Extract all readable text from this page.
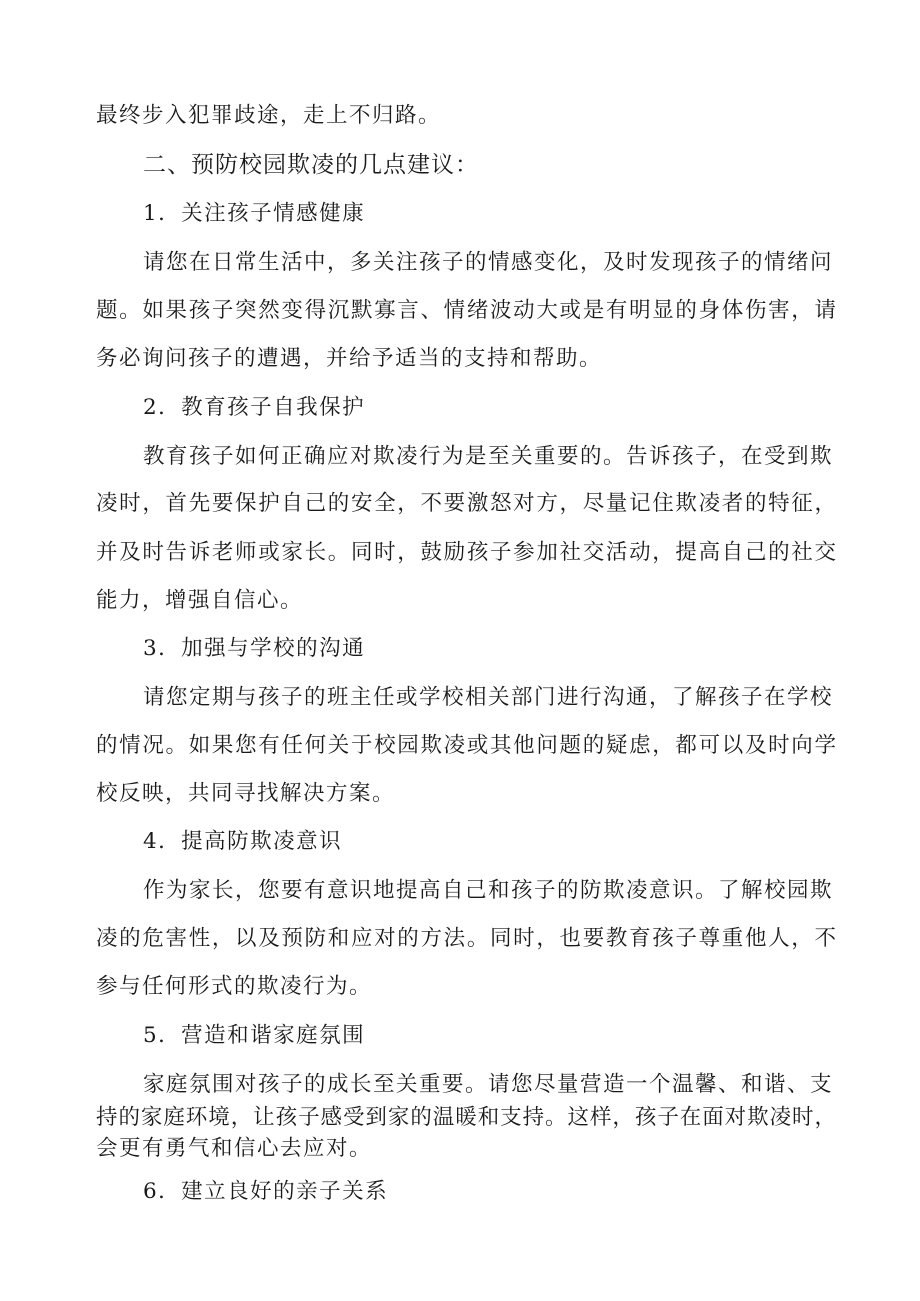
最终步入犯罪歧途，走上不归路。
二、预防校园欺凌的几点建议：
1．关注孩子情感健康
请您在日常生活中，多关注孩子的情感变化，及时发现孩子的情绪问
题。如果孩子突然变得沉默寡言、情绪波动大或是有明显的身体伤害，请
务必询问孩子的遭遇，并给予适当的支持和帮助。
2．教育孩子自我保护
教育孩子如何正确应对欺凌行为是至关重要的。告诉孩子，在受到欺
凌时，首先要保护自己的安全，不要激怒对方，尽量记住欺凌者的特征，
并及时告诉老师或家长。同时，鼓励孩子参加社交活动，提高自己的社交
能力，增强自信心。
3．加强与学校的沟通
请您定期与孩子的班主任或学校相关部门进行沟通，了解孩子在学校
的情况。如果您有任何关于校园欺凌或其他问题的疑虑，都可以及时向学
校反映，共同寻找解决方案。
4．提高防欺凌意识
作为家长，您要有意识地提高自己和孩子的防欺凌意识。了解校园欺
凌的危害性，以及预防和应对的方法。同时，也要教育孩子尊重他人，不
参与任何形式的欺凌行为。
5．营造和谐家庭氛围
家庭氛围对孩子的成长至关重要。请您尽量营造一个温馨、和谐、支
持的家庭环境，让孩子感受到家的温暖和支持。这样，孩子在面对欺凌时，
会更有勇气和信心去应对。
6．建立良好的亲子关系
